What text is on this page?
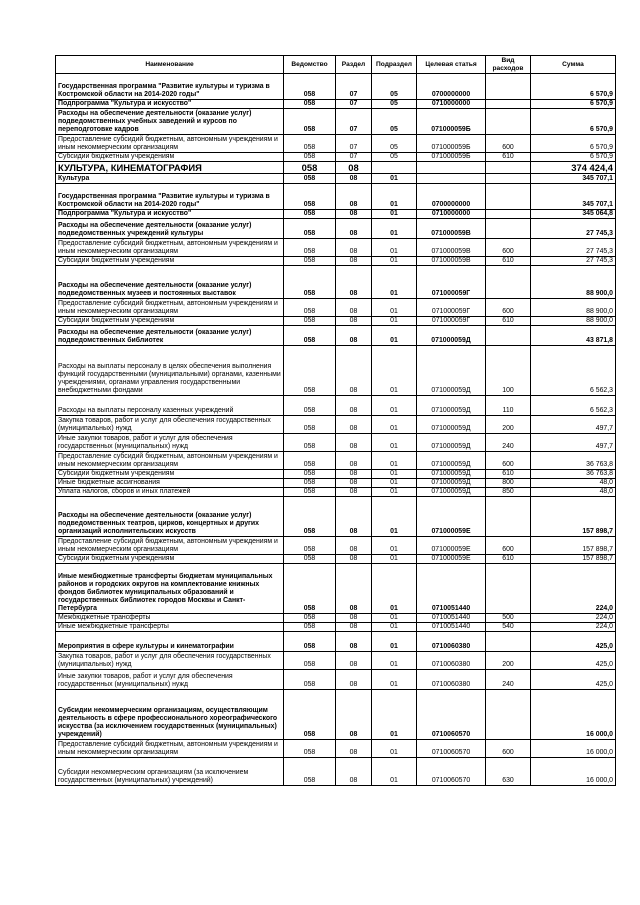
Наименование	Ведомство	Раздел	Подраздел	Целевая статья	Вид расходов	Сумма
Государственная программа "Развитие культуры и туризма в Костромской области на 2014-2020 годы"	058	07	05	0700000000		6 570,9
Подпрограмма "Культура и искусство"	058	07	05	0710000000		6 570,9
Расходы на обеспечение деятельности (оказание услуг) подведомственных учебных заведений и курсов по переподготовке кадров	058	07	05	071000059Б		6 570,9
Предоставление субсидий бюджетным, автономным учреждениям и иным некоммерческим организациям	058	07	05	071000059Б	600	6 570,9
Субсидии бюджетным учреждениям	058	07	05	071000059Б	610	6 570,9
КУЛЬТУРА, КИНЕМАТОГРАФИЯ	058	08				374 424,4
Культура	058	08	01			345 707,1
Государственная программа "Развитие культуры и туризма в Костромской области на 2014-2020 годы"	058	08	01	0700000000		345 707,1
Подпрограмма "Культура и искусство"	058	08	01	0710000000		345 064,8
Расходы на обеспечение деятельности (оказание услуг) подведомственных учреждений культуры	058	08	01	071000059В		27 745,3
Предоставление субсидий бюджетным, автономным учреждениям и иным некоммерческим организациям	058	08	01	071000059В	600	27 745,3
Субсидии бюджетным учреждениям	058	08	01	071000059В	610	27 745,3
Расходы на обеспечение деятельности (оказание услуг) подведомственных музеев и постоянных выставок	058	08	01	071000059Г		88 900,0
Предоставление субсидий бюджетным, автономным учреждениям и иным некоммерческим организациям	058	08	01	071000059Г	600	88 900,0
Субсидии бюджетным учреждениям	058	08	01	071000059Г	610	88 900,0
Расходы на обеспечение деятельности (оказание услуг) подведомственных библиотек	058	08	01	071000059Д		43 871,8
Расходы на выплаты персоналу в целях обеспечения выполнения функций государственными (муниципальными) органами, казенными учреждениями, органами управления государственными внебюджетными фондами	058	08	01	071000059Д	100	6 562,3
Расходы на выплаты персоналу казенных учреждений	058	08	01	071000059Д	110	6 562,3
Закупка товаров, работ и услуг для обеспечения государственных (муниципальных) нужд	058	08	01	071000059Д	200	497,7
Иные закупки товаров, работ и услуг для обеспечения государственных (муниципальных) нужд	058	08	01	071000059Д	240	497,7
Предоставление субсидий бюджетным, автономным учреждениям и иным некоммерческим организациям	058	08	01	071000059Д	600	36 763,8
Субсидии бюджетным учреждениям	058	08	01	071000059Д	610	36 763,8
Иные бюджетные ассигнования	058	08	01	071000059Д	800	48,0
Уплата налогов, сборов и иных платежей	058	08	01	071000059Д	850	48,0
Расходы на обеспечение деятельности (оказание услуг) подведомственных театров, цирков, концертных и других организаций исполнительских искусств	058	08	01	071000059Е		157 898,7
Предоставление субсидий бюджетным, автономным учреждениям и иным некоммерческим организациям	058	08	01	071000059Е	600	157 898,7
Субсидии бюджетным учреждениям	058	08	01	071000059Е	610	157 898,7
Иные межбюджетные трансферты бюджетам муниципальных районов и городских округов на комплектование книжных фондов библиотек муниципальных образований и государственных библиотек городов Москвы и Санкт-Петербурга	058	08	01	0710051440		224,0
Межбюджетные трансферты	058	08	01	0710051440	500	224,0
Иные межбюджетные трансферты	058	08	01	0710051440	540	224,0
Мероприятия в сфере культуры и кинематографии	058	08	01	0710060380		425,0
Закупка товаров, работ и услуг для обеспечения государственных (муниципальных) нужд	058	08	01	0710060380	200	425,0
Иные закупки товаров, работ и услуг для обеспечения государственных (муниципальных) нужд	058	08	01	0710060380	240	425,0
Субсидии некоммерческим организациям, осуществляющим деятельность в сфере профессионального хореографического искусства (за исключением государственных (муниципальных) учреждений)	058	08	01	0710060570		16 000,0
Предоставление субсидий бюджетным, автономным учреждениям и иным некоммерческим организациям	058	08	01	0710060570	600	16 000,0
Субсидии некоммерческим организациям (за исключением государственных (муниципальных) учреждений)	058	08	01	0710060570	630	16 000,0
